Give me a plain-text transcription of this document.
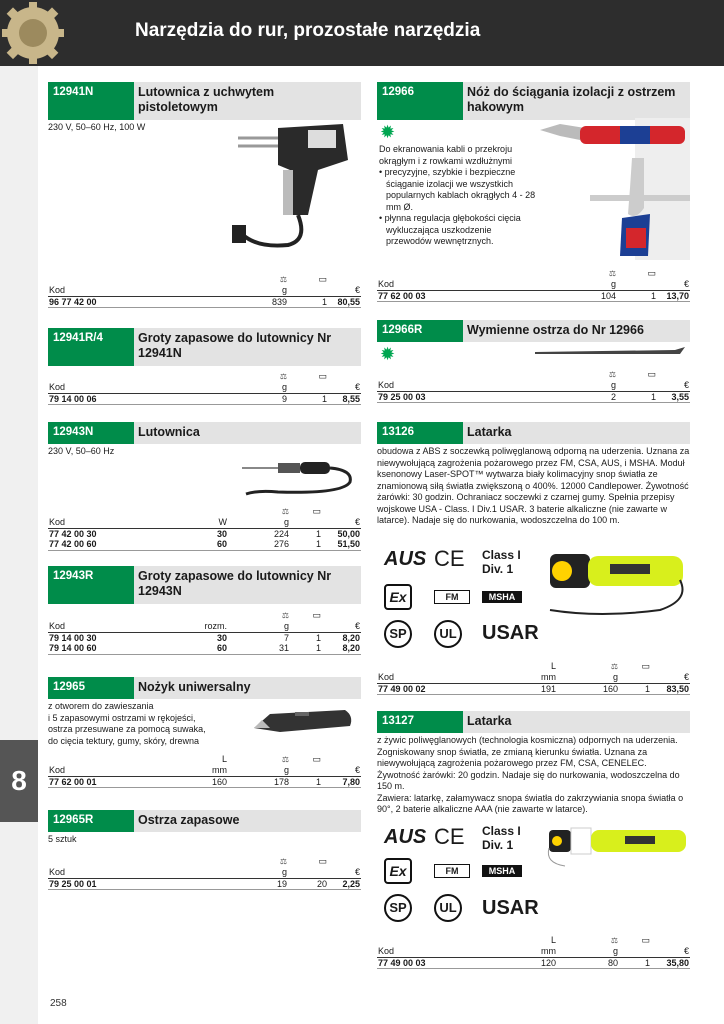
Narzędzia do rur, prozostałe narzędzia
8
258
12941N	Lutownica z uchwytem pistoletowym
230 V, 50–60 Hz, 100 W
	⚖	▭	
Kod	g		€
96 77 42 00	839	1	80,55
12941R/4	Groty zapasowe do lutownicy Nr 12941N
	⚖	▭	
Kod	g		€
79 14 00 06	9	1	8,55
12943N	Lutownica
230 V, 50–60 Hz
		⚖	▭	
Kod	W	g		€
77 42 00 30	30	224	1	50,00
77 42 00 60	60	276	1	51,50
12943R	Groty zapasowe do lutownicy Nr 12943N
		⚖	▭	
Kod	rozm.	g		€
79 14 00 30	30	7	1	8,20
79 14 00 60	60	31	1	8,20
12965	Nożyk uniwersalny
z otworem do zawieszania
i 5 zapasowymi ostrzami w rękojeści,
ostrza przesuwane za pomocą suwaka,
do cięcia tektury, gumy, skóry, drewna
	L	⚖	▭	
Kod	mm	g		€
77 62 00 01	160	178	1	7,80
12965R	Ostrza zapasowe
5 sztuk
	⚖	▭	
Kod	g		€
79 25 00 01	19	20	2,25
12966	Nóż do ściągania izolacji z ostrzem hakowym
✹
Do ekranowania kabli o przekroju okrągłym i z rowkami wzdłużnymi
• precyzyjne, szybkie i bezpieczne ściąganie izolacji we wszystkich popularnych kablach okrągłych 4 - 28 mm Ø.
• płynna regulacja głębokości cięcia wykluczająca uszkodzenie przewodów wewnętrznych.
	⚖	▭	
Kod	g		€
77 62 00 03	104	1	13,70
12966R	Wymienne ostrza do Nr 12966
✹
	⚖	▭	
Kod	g		€
79 25 00 03	2	1	3,55
13126	Latarka
obudowa z ABS z soczewką poliwęglanową odporną na uderzenia. Uznana za niewywołującą zagrożenia pożarowego przez FM, CSA, AUS, i MSHA. Moduł ksenonowy Laser-SPOT™ wytwarza biały kolimacyjny snop światła ze znamionową siłą światła zwiększoną o 400%. 12000 Candlepower. Żywotność żarówki: 30 godzin. Ochraniacz soczewki z czarnej gumy. Spełnia przepisy wojskowe USA - Class. I Div.1 USAR. 3 baterie alkaliczne (nie zawarte w latarce). Nadaje się do nurkowania, wodoszczelna do 100 m.
AUS CE Class I
Div. 1
Ex	FM	MSHA
SP	UL USAR
	L	⚖	▭	
Kod	mm	g		€
77 49 00 02	191	160	1	83,50
13127	Latarka
z żywic poliwęglanowych (technologia kosmiczna) odpornych na uderzenia. Zogniskowany snop światła, ze zmianą kierunku światła. Uznana za niewywołującą zagrożenia pożarowego przez FM, CSA, CENELEC. Żywotność żarówki: 20 godzin. Nadaje się do nurkowania, wodoszczelna do 150 m.
Zawiera: latarkę, załamywacz snopa światła do zakrzywiania snopa światła o 90°, 2 baterie alkaliczne AAA (nie zawarte w latarce).
AUS CE Class I
Div. 1
Ex	FM	MSHA
SP	UL USAR
	L	⚖	▭	
Kod	mm	g		€
77 49 00 03	120	80	1	35,80
